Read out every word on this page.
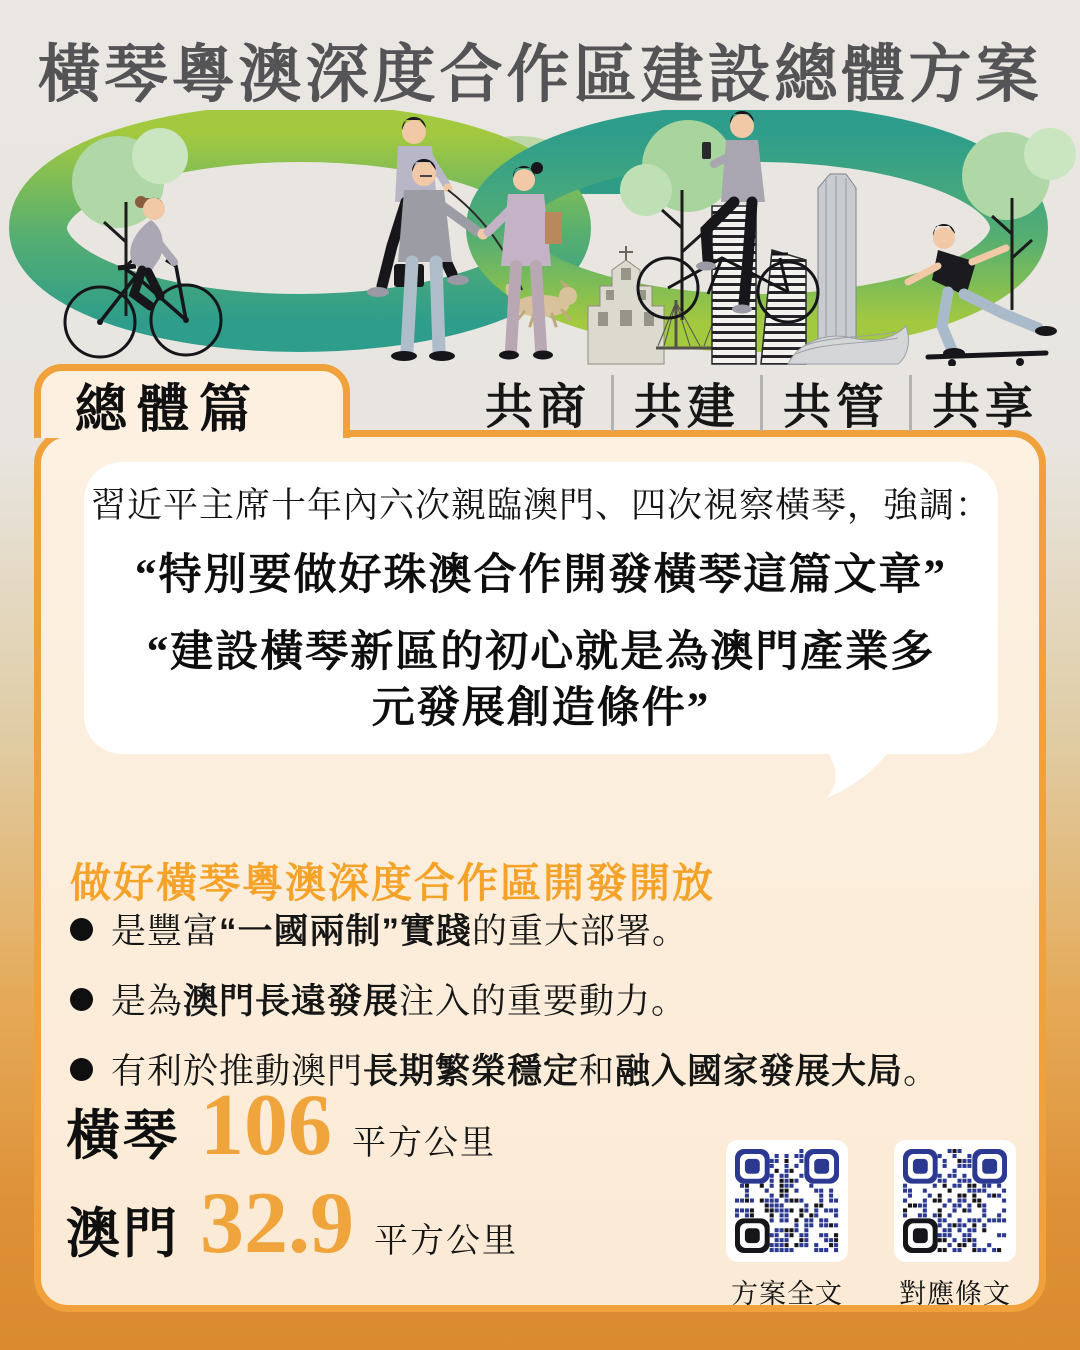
橫琴粵澳深度合作區建設總體方案
總體篇	共商 共建 共管 共享
習近平主席十年內六次親臨澳門、四次視察橫琴，強調：
“特別要做好珠澳合作開發橫琴這篇文章”
“建設橫琴新區的初心就是為澳門產業多元發展創造條件”
做好橫琴粵澳深度合作區開發開放
是豐富“一國兩制”實踐的重大部署。
是為澳門長遠發展注入的重要動力。
有利於推動澳門長期繁榮穩定和融入國家發展大局。
橫琴 106 平方公里
澳門 32.9 平方公里
方案全文 對應條文
